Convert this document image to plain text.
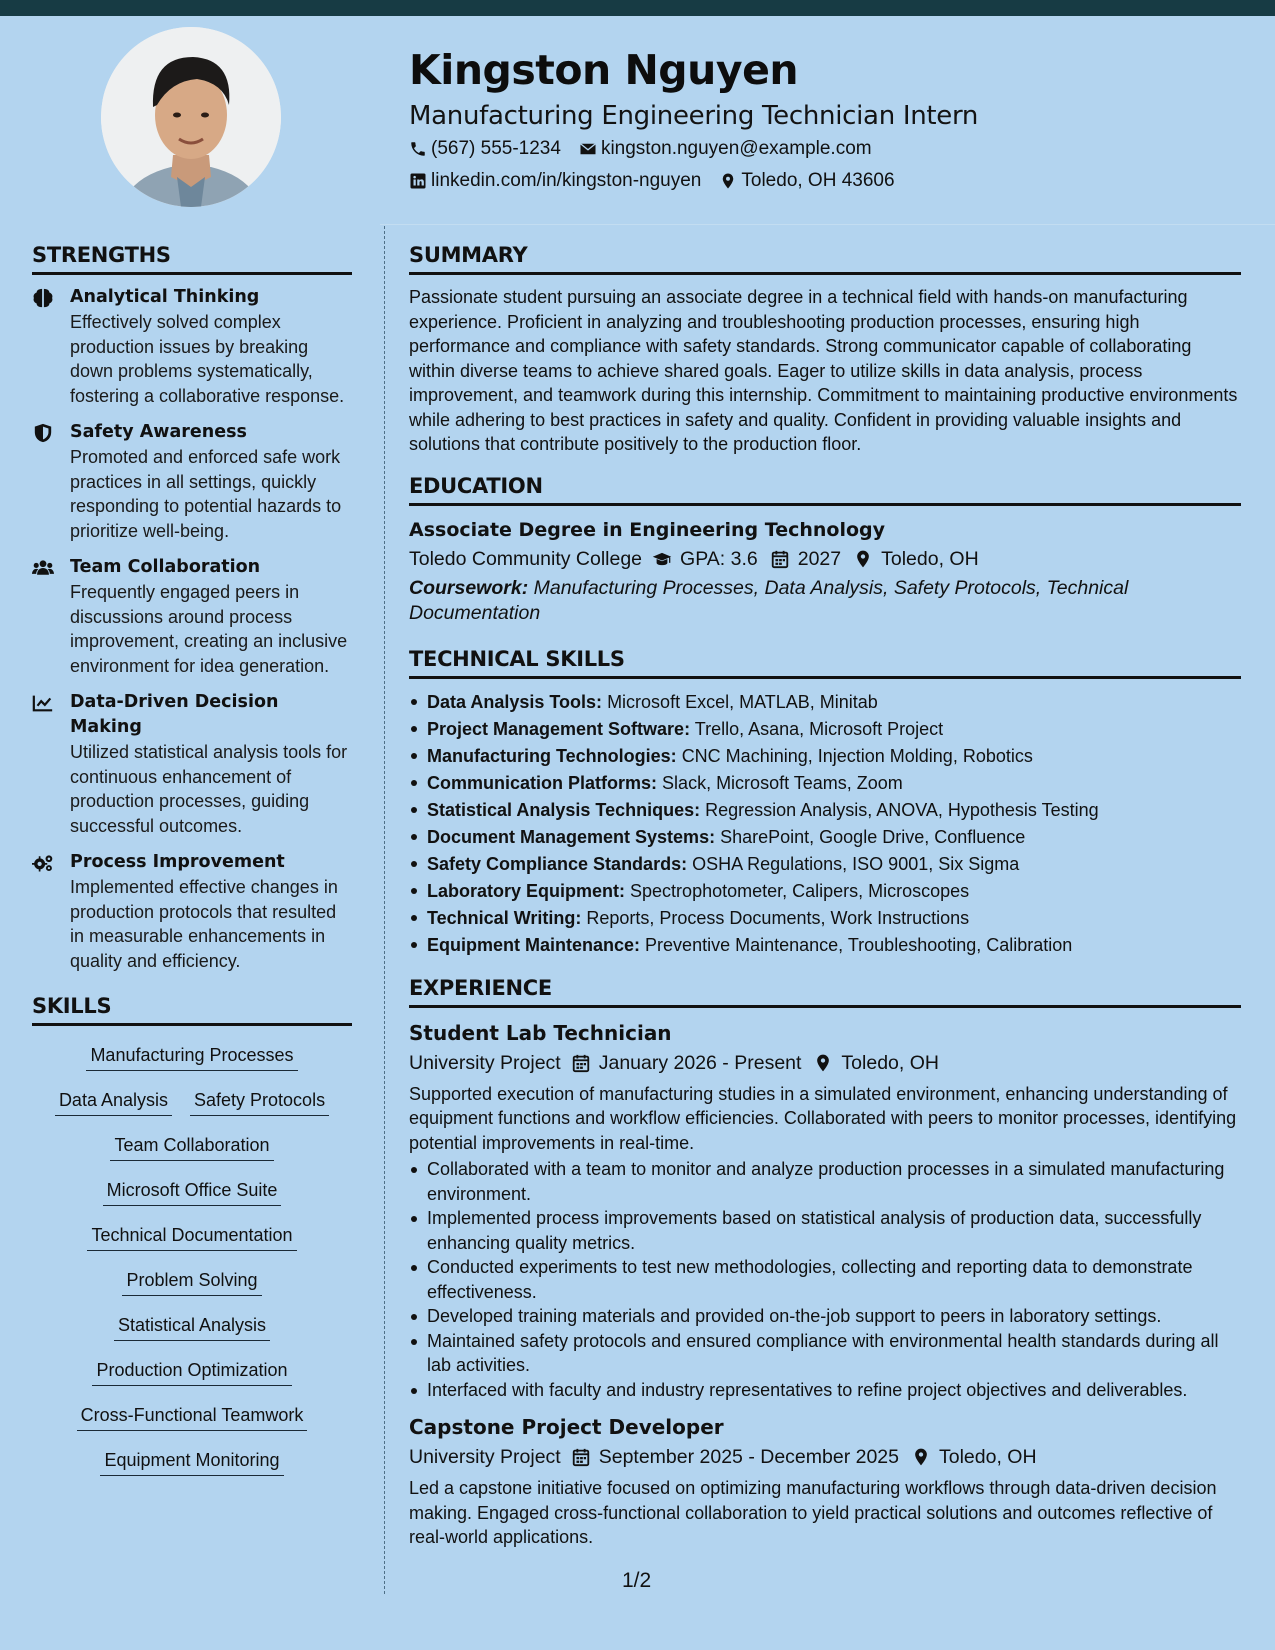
Kingston Nguyen
Manufacturing Engineering Technician Intern
(567) 555-1234 kingston.nguyen@example.com
linkedin.com/in/kingston-nguyen Toledo, OH 43606
STRENGTHS
Analytical Thinking
Effectively solved complex production issues by breaking down problems systematically, fostering a collaborative response.
Safety Awareness
Promoted and enforced safe work practices in all settings, quickly responding to potential hazards to prioritize well-being.
Team Collaboration
Frequently engaged peers in discussions around process improvement, creating an inclusive environment for idea generation.
Data-Driven Decision Making
Utilized statistical analysis tools for continuous enhancement of production processes, guiding successful outcomes.
Process Improvement
Implemented effective changes in production protocols that resulted in measurable enhancements in quality and efficiency.
SKILLS
Manufacturing Processes
Data Analysis Safety Protocols
Team Collaboration
Microsoft Office Suite
Technical Documentation
Problem Solving
Statistical Analysis
Production Optimization
Cross-Functional Teamwork
Equipment Monitoring
SUMMARY
Passionate student pursuing an associate degree in a technical field with hands-on manufacturing experience. Proficient in analyzing and troubleshooting production processes, ensuring high performance and compliance with safety standards. Strong communicator capable of collaborating within diverse teams to achieve shared goals. Eager to utilize skills in data analysis, process improvement, and teamwork during this internship. Commitment to maintaining productive environments while adhering to best practices in safety and quality. Confident in providing valuable insights and solutions that contribute positively to the production floor.
EDUCATION
Associate Degree in Engineering Technology
Toledo Community College GPA: 3.6 2027 Toledo, OH
Coursework: Manufacturing Processes, Data Analysis, Safety Protocols, Technical Documentation
TECHNICAL SKILLS
Data Analysis Tools: Microsoft Excel, MATLAB, Minitab
Project Management Software: Trello, Asana, Microsoft Project
Manufacturing Technologies: CNC Machining, Injection Molding, Robotics
Communication Platforms: Slack, Microsoft Teams, Zoom
Statistical Analysis Techniques: Regression Analysis, ANOVA, Hypothesis Testing
Document Management Systems: SharePoint, Google Drive, Confluence
Safety Compliance Standards: OSHA Regulations, ISO 9001, Six Sigma
Laboratory Equipment: Spectrophotometer, Calipers, Microscopes
Technical Writing: Reports, Process Documents, Work Instructions
Equipment Maintenance: Preventive Maintenance, Troubleshooting, Calibration
EXPERIENCE
Student Lab Technician
University Project January 2026 - Present Toledo, OH
Supported execution of manufacturing studies in a simulated environment, enhancing understanding of equipment functions and workflow efficiencies. Collaborated with peers to monitor processes, identifying potential improvements in real-time.
Collaborated with a team to monitor and analyze production processes in a simulated manufacturing environment.
Implemented process improvements based on statistical analysis of production data, successfully enhancing quality metrics.
Conducted experiments to test new methodologies, collecting and reporting data to demonstrate effectiveness.
Developed training materials and provided on-the-job support to peers in laboratory settings.
Maintained safety protocols and ensured compliance with environmental health standards during all lab activities.
Interfaced with faculty and industry representatives to refine project objectives and deliverables.
Capstone Project Developer
University Project September 2025 - December 2025 Toledo, OH
Led a capstone initiative focused on optimizing manufacturing workflows through data-driven decision making. Engaged cross-functional collaboration to yield practical solutions and outcomes reflective of real-world applications.
1/2
